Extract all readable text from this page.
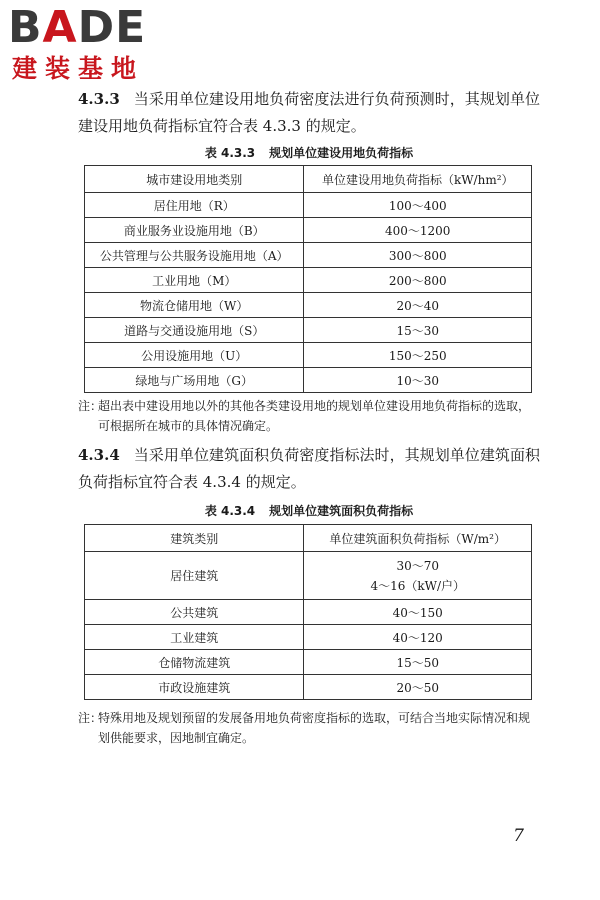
BADE
建装基地

4.3.3 当采用单位建设用地负荷密度法进行负荷预测时，其规划单位建设用地负荷指标宜符合表 4.3.3 的规定。

表 4.3.3 规划单位建设用地负荷指标
城市建设用地类别	单位建设用地负荷指标（kW/hm²）
居住用地（R）	100～400
商业服务业设施用地（B）	400～1200
公共管理与公共服务设施用地（A）	300～800
工业用地（M）	200～800
物流仓储用地（W）	20～40
道路与交通设施用地（S）	15～30
公用设施用地（U）	150～250
绿地与广场用地（G）	10～30

注：
超出表中建设用地以外的其他各类建设用地的规划单位建设用地负荷指标的选取，可根据所在城市的具体情况确定。

4.3.4 当采用单位建筑面积负荷密度指标法时，其规划单位建筑面积负荷指标宜符合表 4.3.4 的规定。

表 4.3.4 规划单位建筑面积负荷指标
建筑类别	单位建筑面积负荷指标（W/m²）
居住建筑	30～70
4～16（kW/户）

公共建筑	40～150
工业建筑	40～120
仓储物流建筑	15～50
市政设施建筑	20～50

注：
特殊用地及规划预留的发展备用地负荷密度指标的选取，可结合当地实际情况和规划供能要求，因地制宜确定。

7
